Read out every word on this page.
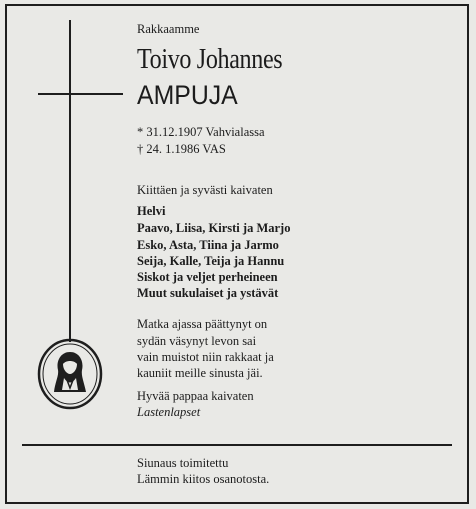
Rakkaamme
Toivo Johannes
AMPUJA
* 31.12.1907 Vahvialassa
† 24. 1.1986 VAS
Kiittäen ja syvästi kaivaten
Helvi
Paavo, Liisa, Kirsti ja Marjo
Esko, Asta, Tiina ja Jarmo
Seija, Kalle, Teija ja Hannu
Siskot ja veljet perheineen
Muut sukulaiset ja ystävät
Matka ajassa päättynyt on
sydän väsynyt levon sai
vain muistot niin rakkaat ja
kauniit meille sinusta jäi.
Hyvää pappaa kaivaten
Lastenlapset
Siunaus toimitettu
Lämmin kiitos osanotosta.
